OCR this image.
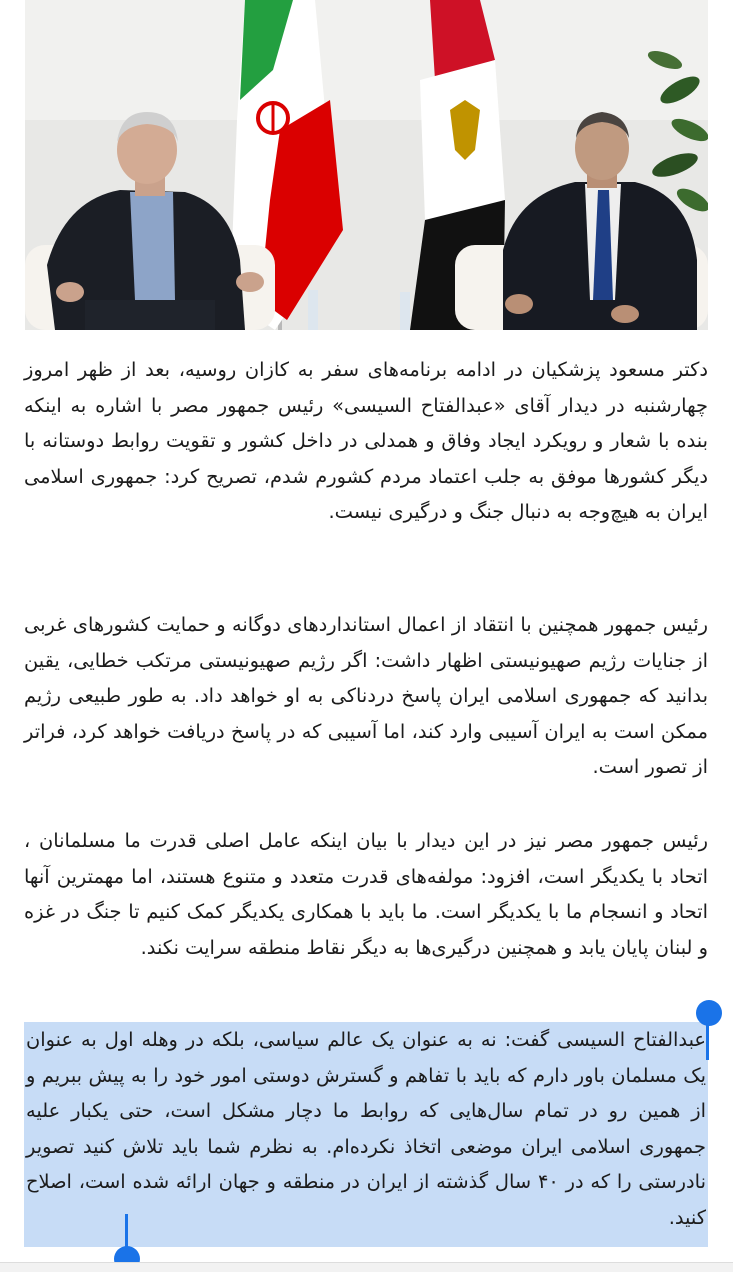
دکتر مسعود پزشکیان در ادامه برنامه‌های سفر به کازان روسیه، بعد از ظهر امروز چهارشنبه در دیدار آقای «عبدالفتاح السیسی» رئیس جمهور مصر با اشاره به اینکه بنده با شعار و رویکرد ایجاد وفاق و همدلی در داخل کشور و تقویت روابط دوستانه با دیگر کشورها موفق به جلب اعتماد مردم کشورم شدم، تصریح کرد: جمهوری اسلامی ایران به هیچ‌وجه به دنبال جنگ و درگیری نیست.

رئیس جمهور همچنین با انتقاد از اعمال استانداردهای دوگانه و حمایت کشورهای غربی از جنایات رژیم صهیونیستی اظهار داشت: اگر رژیم صهیونیستی مرتکب خطایی، یقین بدانید که جمهوری اسلامی ایران پاسخ دردناکی به او خواهد داد. به طور طبیعی رژیم ممکن است به ایران آسیبی وارد کند، اما آسیبی که در پاسخ دریافت خواهد کرد، فراتر از تصور است.

رئیس جمهور مصر نیز در این دیدار با بیان اینکه عامل اصلی قدرت ما مسلمانان ، اتحاد با یکدیگر است، افزود: مولفه‌های قدرت متعدد و متنوع هستند، اما مهمترین آنها اتحاد و انسجام ما با یکدیگر است. ما باید با همکاری یکدیگر کمک کنیم تا جنگ در غزه و لبنان پایان یابد و همچنین درگیری‌ها به دیگر نقاط منطقه سرایت نکند.

عبدالفتاح السیسی گفت: نه به عنوان یک عالم سیاسی، بلکه در وهله اول به عنوان یک مسلمان باور دارم که باید با تفاهم و گسترش دوستی امور خود را به پیش ببریم و از همین رو در تمام سال‌هایی که روابط ما دچار مشکل است، حتی یکبار علیه جمهوری اسلامی ایران موضعی اتخاذ نکرده‌ام. به نظرم شما باید تلاش کنید تصویر نادرستی را که در ۴۰ سال گذشته از ایران در منطقه و جهان ارائه شده است، اصلاح کنید.
